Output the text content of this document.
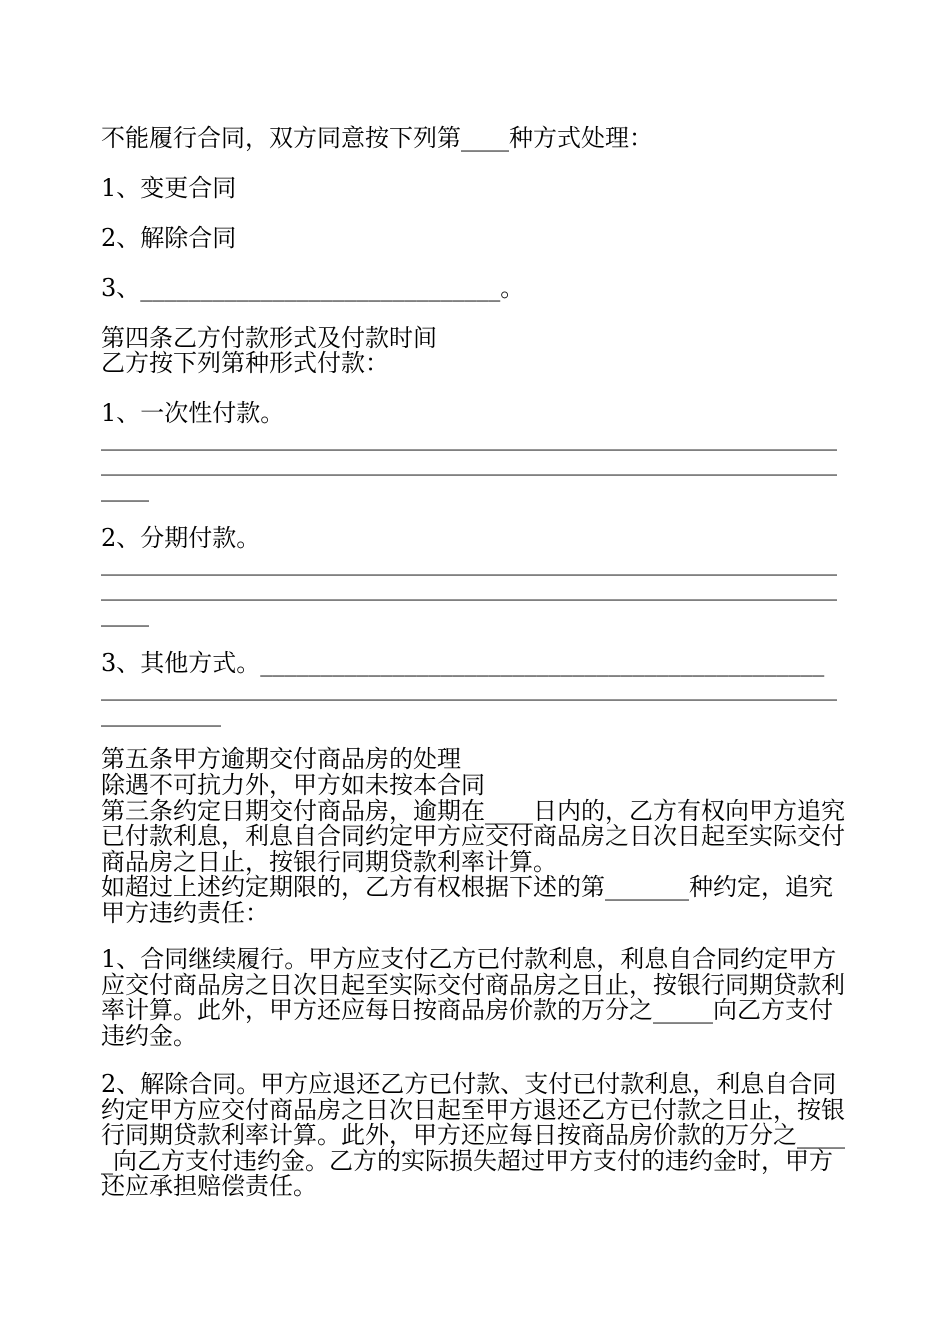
不能履行合同，双方同意按下列第____种方式处理：

1、变更合同

2、解除合同

3、______________________________。

第四条乙方付款形式及付款时间

乙方按下列第种形式付款：

1、一次性付款。

________________________________________________________________

________________________________________________________________

____

2、分期付款。

________________________________________________________________

________________________________________________________________

____

3、其他方式。_______________________________________________

________________________________________________________________

__________

第五条甲方逾期交付商品房的处理

除遇不可抗力外，甲方如未按本合同

第三条约定日期交付商品房，逾期在____日内的，乙方有权向甲方追究

已付款利息，利息自合同约定甲方应交付商品房之日次日起至实际交付

商品房之日止，按银行同期贷款利率计算。

如超过上述约定期限的，乙方有权根据下述的第_______种约定，追究

甲方违约责任：

1、合同继续履行。甲方应支付乙方已付款利息，利息自合同约定甲方

应交付商品房之日次日起至实际交付商品房之日止，按银行同期贷款利

率计算。此外，甲方还应每日按商品房价款的万分之_____向乙方支付

违约金。

2、解除合同。甲方应退还乙方已付款、支付已付款利息，利息自合同

约定甲方应交付商品房之日次日起至甲方退还乙方已付款之日止，按银

行同期贷款利率计算。此外，甲方还应每日按商品房价款的万分之____

_向乙方支付违约金。乙方的实际损失超过甲方支付的违约金时，甲方

还应承担赔偿责任。
